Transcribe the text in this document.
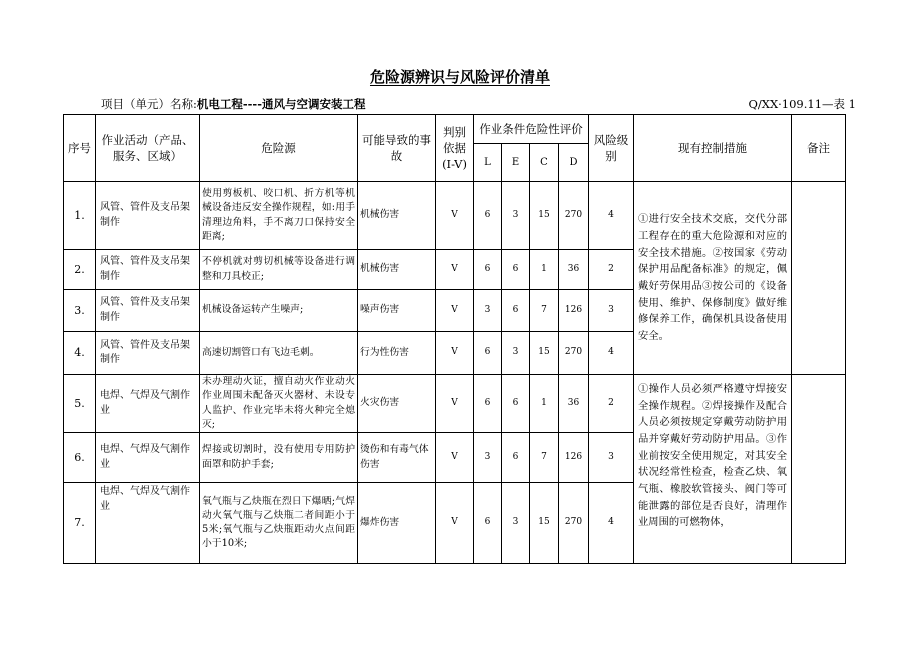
危险源辨识与风险评价清单
项目（单元）名称:机电工程----通风与空调安装工程	Q/XX·109.11—表 1
序号	作业活动（产品、服务、区域）	危险源	可能导致的事故	判别依据(I-V)	作业条件危险性评价				风险级别	现有控制措施	备注
					L	E	C	D			
1.	风管、管件及支吊架制作	使用剪板机、咬口机、折方机等机械设备违反安全操作规程，如:用手清理边角料，手不离刀口保持安全距离;	机械伤害	V	6	3	15	270	4	①进行安全技术交底，交代分部工程存在的重大危险源和对应的安全技术措施。②按国家《劳动保护用品配备标准》的规定，佩戴好劳保用品③按公司的《设备使用、维护、保修制度》做好维修保养工作，确保机具设备使用安全。	
2.	风管、管件及支吊架制作	不停机就对剪切机械等设备进行调整和刀具校正;	机械伤害	V	6	6	1	36	2		
3.	风管、管件及支吊架制作	机械设备运转产生噪声;	噪声伤害	V	3	6	7	126	3		
4.	风管、管件及支吊架制作	高速切割管口有飞边毛刺。	行为性伤害	V	6	3	15	270	4		
5.	电焊、气焊及气割作业	未办理动火证，擅自动火作业动火作业周围未配备灭火器材、未设专人监护、作业完毕未将火种完全熄灭;	火灾伤害	V	6	6	1	36	2	①操作人员必须严格遵守焊接安全操作规程。②焊接操作及配合人员必须按规定穿戴劳动防护用品并穿戴好劳动防护用品。③作业前按安全使用规定，对其安全状况经常性检查，检查乙炔、氧气瓶、橡胶软管接头、阀门等可能泄露的部位是否良好，清理作业周围的可燃物体，	
6.	电焊、气焊及气割作业	焊接或切割时，没有使用专用防护面罩和防护手套;	烫伤和有毒气体伤害	V	3	6	7	126	3		
7.	电焊、气焊及气割作业	氧气瓶与乙炔瓶在烈日下爆晒;气焊动火氧气瓶与乙炔瓶二者间距小于5米;氧气瓶与乙炔瓶距动火点间距小于10米;	爆炸伤害	V	6	3	15	270	4		
